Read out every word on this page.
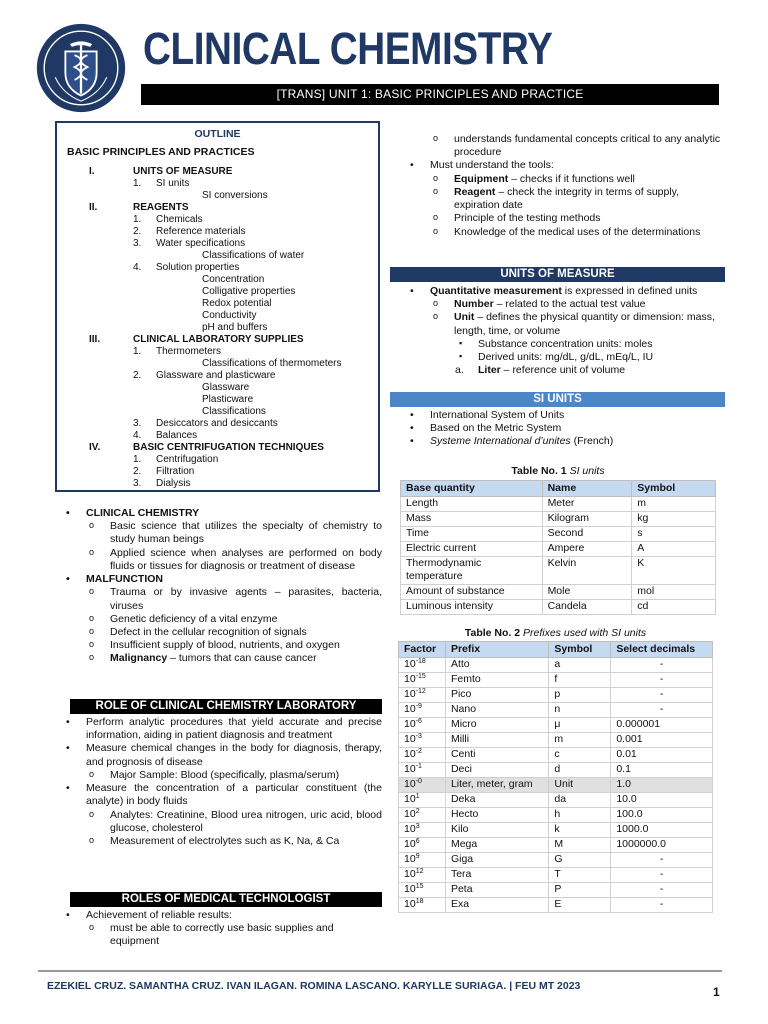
CLINICAL CHEMISTRY
[TRANS] UNIT 1: BASIC PRINCIPLES AND PRACTICE
OUTLINE
BASIC PRINCIPLES AND PRACTICES
I.	UNITS OF MEASURE
1.	SI units
SI conversions
II.	REAGENTS
1.	Chemicals
2.	Reference materials
3.	Water specifications
Classifications of water
4.	Solution properties
Concentration
Colligative properties
Redox potential
Conductivity
pH and buffers
III.	CLINICAL LABORATORY SUPPLIES
1.	Thermometers
Classifications of thermometers
2.	Glassware and plasticware
Glassware
Plasticware
Classifications
3.	Desiccators and desiccants
4.	Balances
IV.	BASIC CENTRIFUGATION TECHNIQUES
1.	Centrifugation
2.	Filtration
3.	Dialysis
• CLINICAL CHEMISTRY
o Basic science that utilizes the specialty of chemistry to study human beings
o Applied science when analyses are performed on body fluids or tissues for diagnosis or treatment of disease
• MALFUNCTION
o Trauma or by invasive agents – parasites, bacteria, viruses
o Genetic deficiency of a vital enzyme
o Defect in the cellular recognition of signals
o Insufficient supply of blood, nutrients, and oxygen
o Malignancy – tumors that can cause cancer
ROLE OF CLINICAL CHEMISTRY LABORATORY
• Perform analytic procedures that yield accurate and precise information, aiding in patient diagnosis and treatment
• Measure chemical changes in the body for diagnosis, therapy, and prognosis of disease
o Major Sample: Blood (specifically, plasma/serum)
• Measure the concentration of a particular constituent (the analyte) in body fluids
o Analytes: Creatinine, Blood urea nitrogen, uric acid, blood glucose, cholesterol
o Measurement of electrolytes such as K, Na, & Ca
ROLES OF MEDICAL TECHNOLOGIST
• Achievement of reliable results:
o must be able to correctly use basic supplies and equipment
o understands fundamental concepts critical to any analytic procedure
• Must understand the tools:
o Equipment – checks if it functions well
o Reagent – check the integrity in terms of supply, expiration date
o Principle of the testing methods
o Knowledge of the medical uses of the determinations
UNITS OF MEASURE
• Quantitative measurement is expressed in defined units
o Number – related to the actual test value
o Unit – defines the physical quantity or dimension: mass, length, time, or volume
▪ Substance concentration units: moles
▪ Derived units: mg/dL, g/dL, mEq/L, IU
a. Liter – reference unit of volume
SI UNITS
• International System of Units
• Based on the Metric System
• Systeme International d’unites (French)
Table No. 1 SI units
Base quantity	Name	Symbol
Length	Meter	m
Mass	Kilogram	kg
Time	Second	s
Electric current	Ampere	A
Thermodynamic temperature	Kelvin	K
Amount of substance	Mole	mol
Luminous intensity	Candela	cd
Table No. 2 Prefixes used with SI units
Factor	Prefix	Symbol	Select decimals
$10^{-18}$	Atto	a	-
$10^{-15}$	Femto	f	-
$10^{-12}$	Pico	p	-
$10^{-9}$	Nano	n	-
$10^{-6}$	Micro	μ	0.000001
$10^{-3}$	Milli	m	0.001
$10^{-2}$	Centi	c	0.01
$10^{-1}$	Deci	d	0.1
$10^{-0}$	Liter, meter, gram	Unit	1.0
$10^1$	Deka	da	10.0
$10^2$	Hecto	h	100.0
$10^3$	Kilo	k	1000.0
$10^6$	Mega	M	1000000.0
$10^9$	Giga	G	-
$10^{12}$	Tera	T	-
$10^{15}$	Peta	P	-
$10^{18}$	Exa	E	-
EZEKIEL CRUZ. SAMANTHA CRUZ. IVAN ILAGAN. ROMINA LASCANO. KARYLLE SURIAGA. | FEU MT 2023	1
